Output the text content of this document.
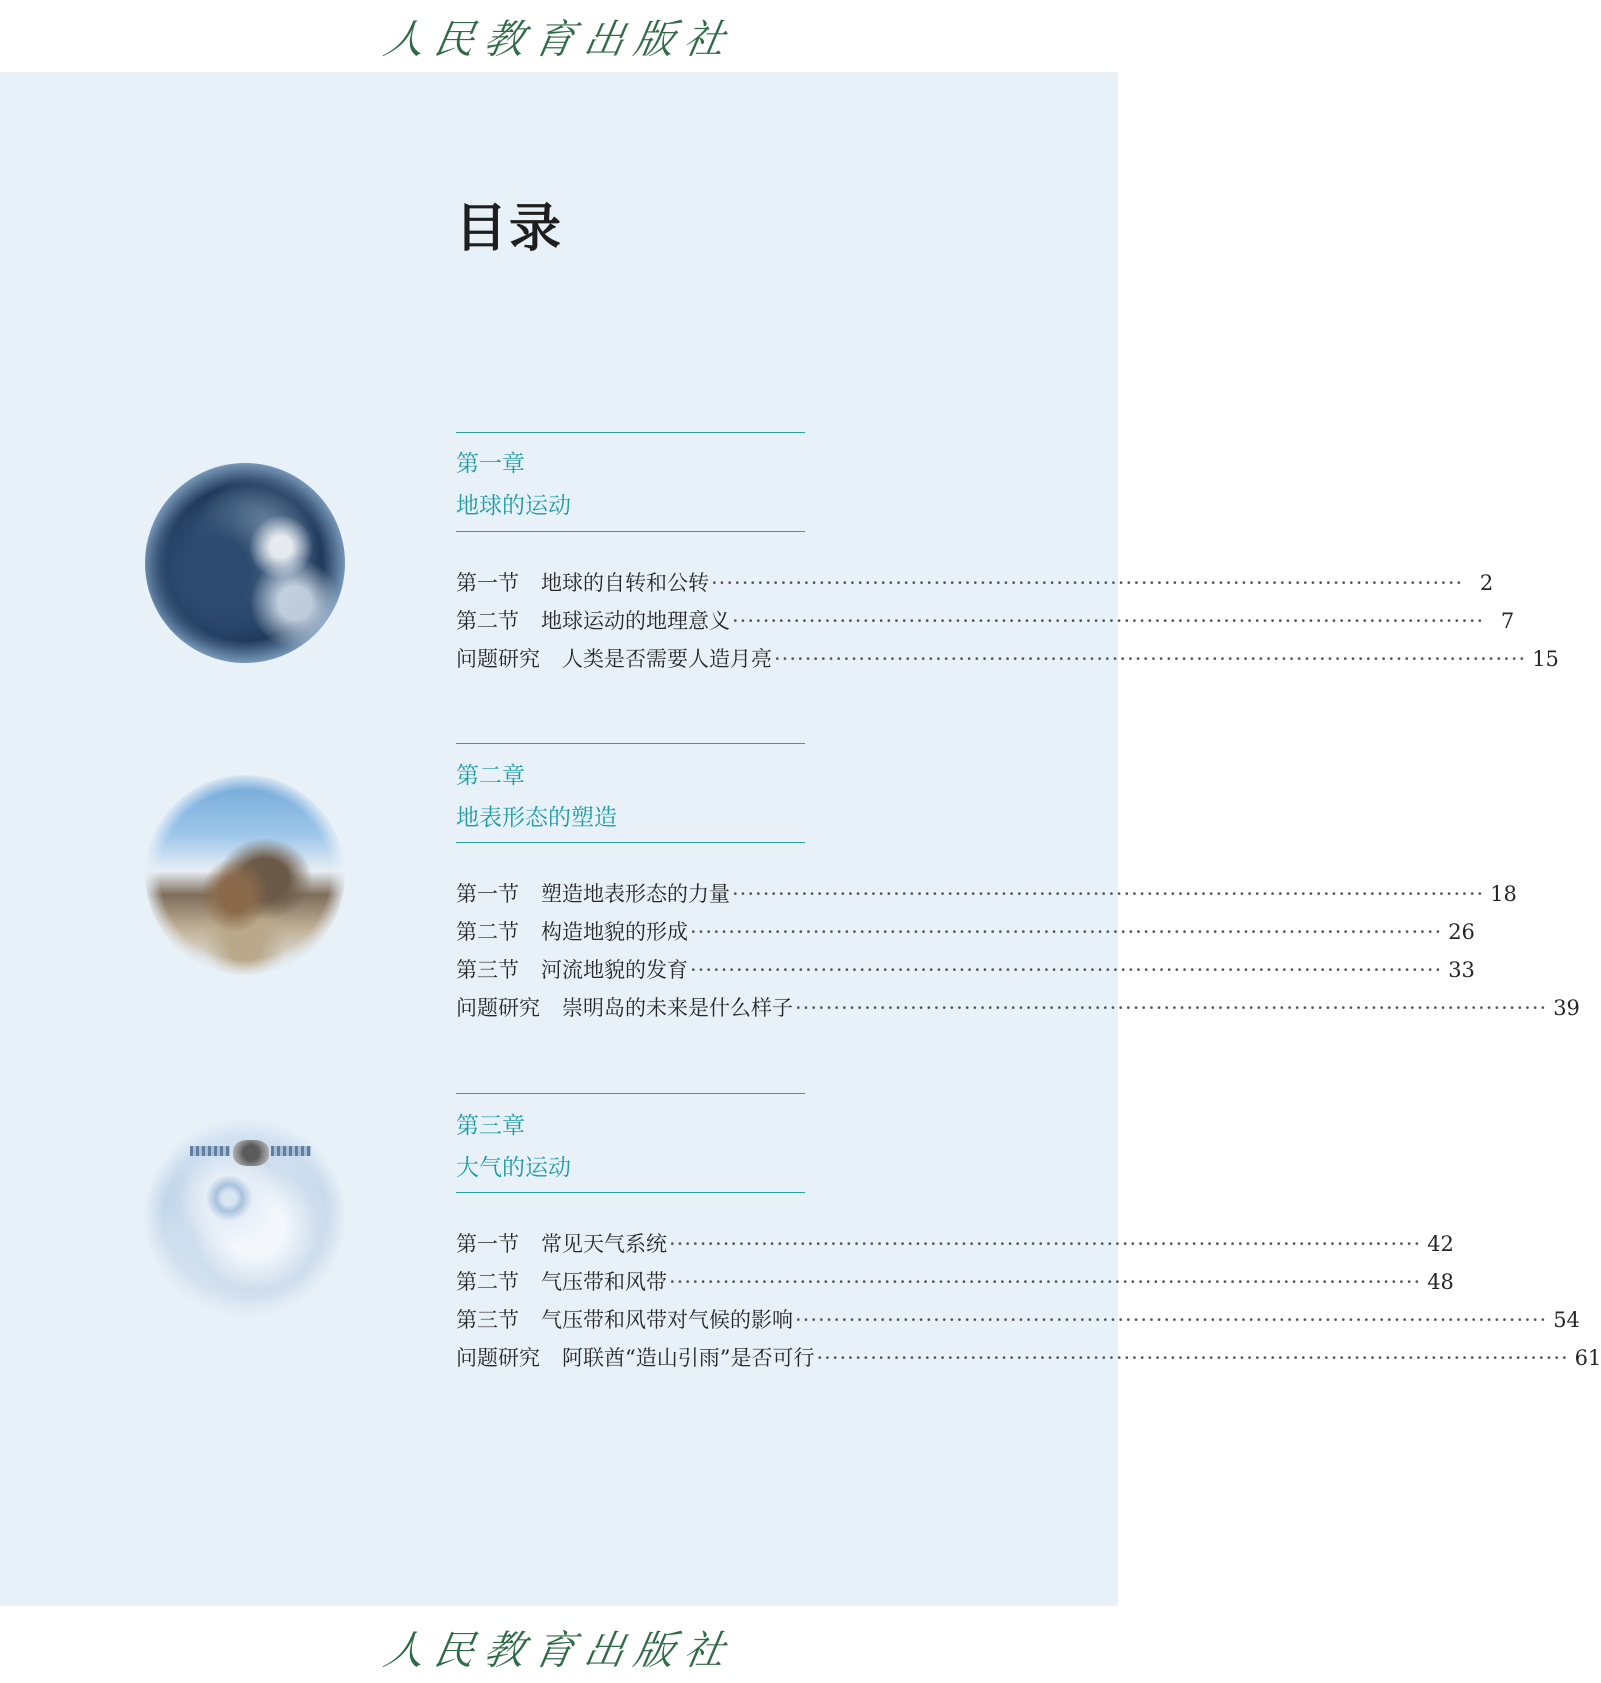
人民教育出版社
目录
第一章
地球的运动
第一节 地球的自转和公转 ·································································································· 2
第二节 地球运动的地理意义 ·································································································· 7
问题研究 人类是否需要人造月亮 ·································································································· 15
第二章
地表形态的塑造
第一节 塑造地表形态的力量 ·································································································· 18
第二节 构造地貌的形成 ·································································································· 26
第三节 河流地貌的发育 ·································································································· 33
问题研究 崇明岛的未来是什么样子 ·································································································· 39
第三章
大气的运动
第一节 常见天气系统 ·································································································· 42
第二节 气压带和风带 ·································································································· 48
第三节 气压带和风带对气候的影响 ·································································································· 54
问题研究 阿联酋“造山引雨”是否可行 ·································································································· 61
人民教育出版社
